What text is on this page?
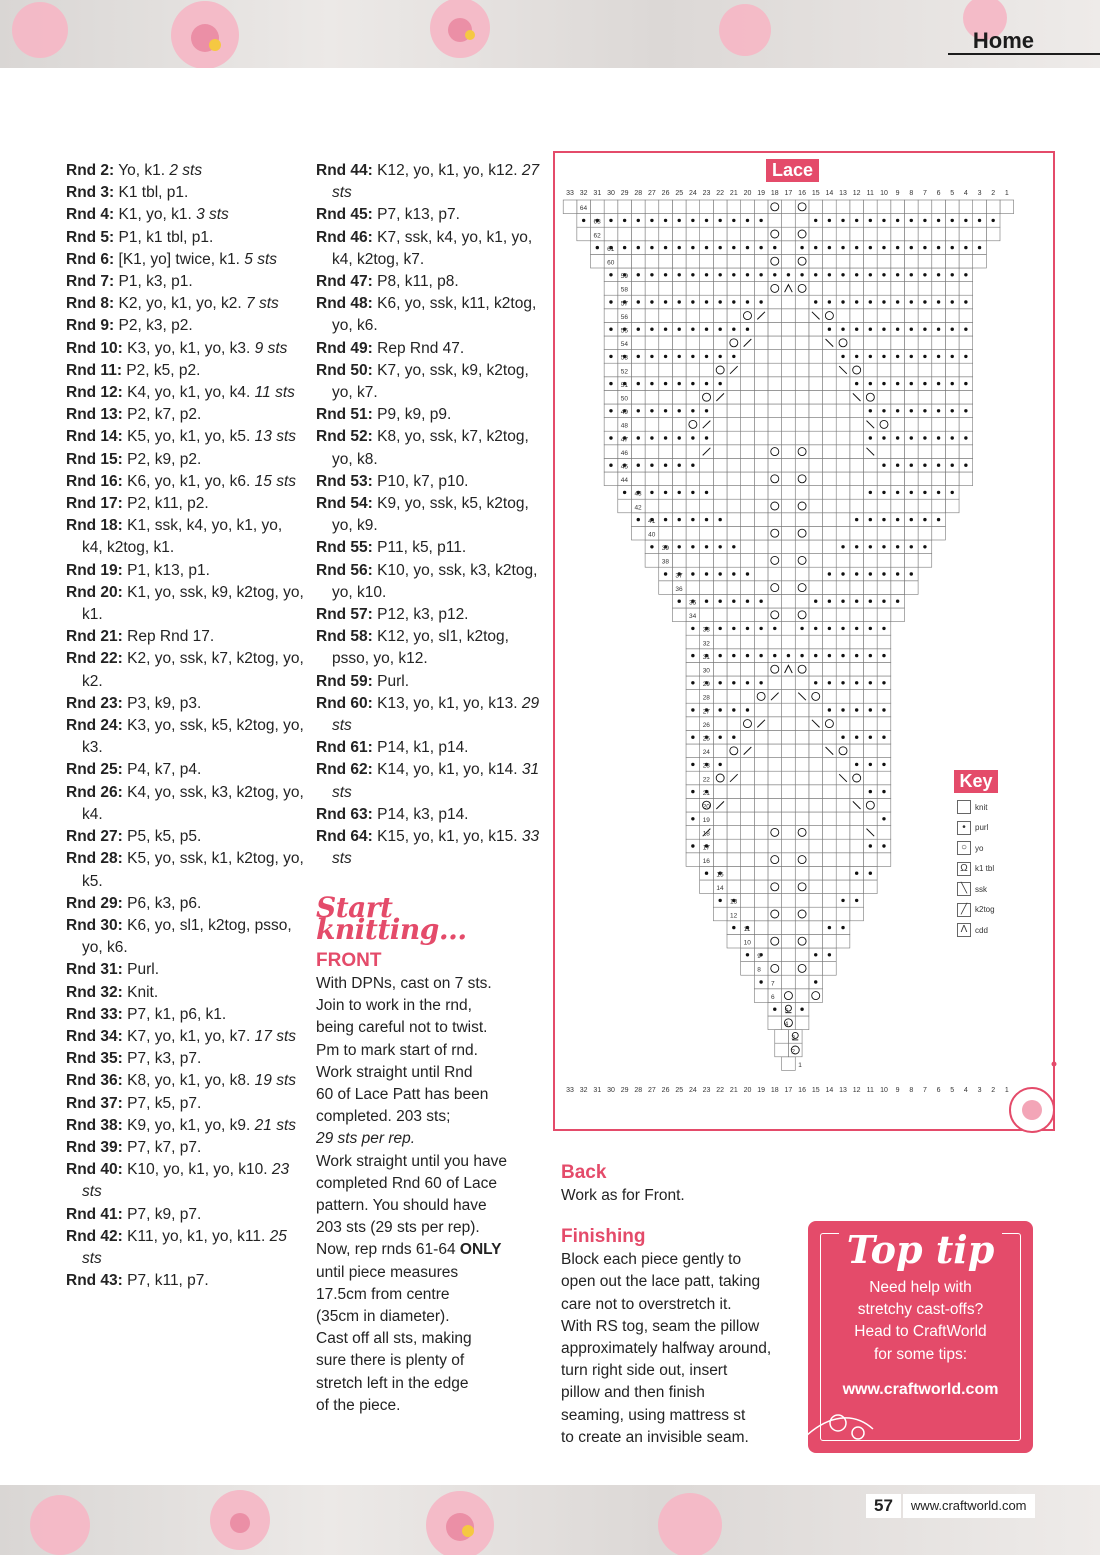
Home
Rnd 2: Yo, k1. 2 sts
Rnd 3: K1 tbl, p1.
Rnd 4: K1, yo, k1. 3 sts
Rnd 5: P1, k1 tbl, p1.
Rnd 6: [K1, yo] twice, k1. 5 sts
Rnd 7: P1, k3, p1.
Rnd 8: K2, yo, k1, yo, k2. 7 sts
Rnd 9: P2, k3, p2.
Rnd 10: K3, yo, k1, yo, k3. 9 sts
Rnd 11: P2, k5, p2.
Rnd 12: K4, yo, k1, yo, k4. 11 sts
Rnd 13: P2, k7, p2.
Rnd 14: K5, yo, k1, yo, k5. 13 sts
Rnd 15: P2, k9, p2.
Rnd 16: K6, yo, k1, yo, k6. 15 sts
Rnd 17: P2, k11, p2.
Rnd 18: K1, ssk, k4, yo, k1, yo, k4, k2tog, k1.
Rnd 19: P1, k13, p1.
Rnd 20: K1, yo, ssk, k9, k2tog, yo, k1.
Rnd 21: Rep Rnd 17.
Rnd 22: K2, yo, ssk, k7, k2tog, yo, k2.
Rnd 23: P3, k9, p3.
Rnd 24: K3, yo, ssk, k5, k2tog, yo, k3.
Rnd 25: P4, k7, p4.
Rnd 26: K4, yo, ssk, k3, k2tog, yo, k4.
Rnd 27: P5, k5, p5.
Rnd 28: K5, yo, ssk, k1, k2tog, yo, k5.
Rnd 29: P6, k3, p6.
Rnd 30: K6, yo, sl1, k2tog, psso, yo, k6.
Rnd 31: Purl.
Rnd 32: Knit.
Rnd 33: P7, k1, p6, k1.
Rnd 34: K7, yo, k1, yo, k7. 17 sts
Rnd 35: P7, k3, p7.
Rnd 36: K8, yo, k1, yo, k8. 19 sts
Rnd 37: P7, k5, p7.
Rnd 38: K9, yo, k1, yo, k9. 21 sts
Rnd 39: P7, k7, p7.
Rnd 40: K10, yo, k1, yo, k10. 23 sts
Rnd 41: P7, k9, p7.
Rnd 42: K11, yo, k1, yo, k11. 25 sts
Rnd 43: P7, k11, p7.
Rnd 44: K12, yo, k1, yo, k12. 27 sts
Rnd 45: P7, k13, p7.
Rnd 46: K7, ssk, k4, yo, k1, yo, k4, k2tog, k7.
Rnd 47: P8, k11, p8.
Rnd 48: K6, yo, ssk, k11, k2tog, yo, k6.
Rnd 49: Rep Rnd 47.
Rnd 50: K7, yo, ssk, k9, k2tog, yo, k7.
Rnd 51: P9, k9, p9.
Rnd 52: K8, yo, ssk, k7, k2tog, yo, k8.
Rnd 53: P10, k7, p10.
Rnd 54: K9, yo, ssk, k5, k2tog, yo, k9.
Rnd 55: P11, k5, p11.
Rnd 56: K10, yo, ssk, k3, k2tog, yo, k10.
Rnd 57: P12, k3, p12.
Rnd 58: K12, yo, sl1, k2tog, psso, yo, k12.
Rnd 59: Purl.
Rnd 60: K13, yo, k1, yo, k13. 29 sts
Rnd 61: P14, k1, p14.
Rnd 62: K14, yo, k1, yo, k14. 31 sts
Rnd 63: P14, k3, p14.
Rnd 64: K15, yo, k1, yo, k15. 33 sts
Start knitting...
FRONT
With DPNs, cast on 7 sts.
Join to work in the rnd,
being careful not to twist.
Pm to mark start of rnd.
Work straight until Rnd
60 of Lace Patt has been
completed. 203 sts;
29 sts per rep.
Work straight until you have
completed Rnd 60 of Lace
pattern. You should have
203 sts (29 sts per rep).
Now, rep rnds 61-64 ONLY
until piece measures
17.5cm from centre
(35cm in diameter).
Cast off all sts, making
sure there is plenty of
stretch left in the edge
of the piece.
Back
Work as for Front.
Finishing
Block each piece gently to
open out the lace patt, taking
care not to overstretch it.
With RS tog, seam the pillow
approximately halfway around,
turn right side out, insert
pillow and then finish
seaming, using mattress st
to create an invisible seam.
33
33
32
32
31
31
30
30
29
29
28
28
27
27
26
26
25
25
24
24
23
23
22
22
21
21
20
20
19
19
18
18
17
17
16
16
15
15
14
14
13
13
12
12
11
11
10
10
9
9
8
8
7
7
6
6
5
5
4
4
3
3
2
2
1
1
1
2
3
4
5
6
7
8
9
10
11
12
13
14
15
16
17
18
19
20
21
22
23
24
25
26
27
28
29
30
31
32
33
34
35
36
37
38
39
40
41
42
43
44
45
46
47
48
49
50
51
52
53
54
55
56
57
58
59
60
61
62
63
64
Lace
Key
knit
•	purl
○ yo
Ω k1 tbl
╲ ssk
╱ k2tog
Λ cdd
Top tip
Need help with
stretchy cast-offs?
Head to CraftWorld
for some tips:
www.craftworld.com
57	www.craftworld.com
